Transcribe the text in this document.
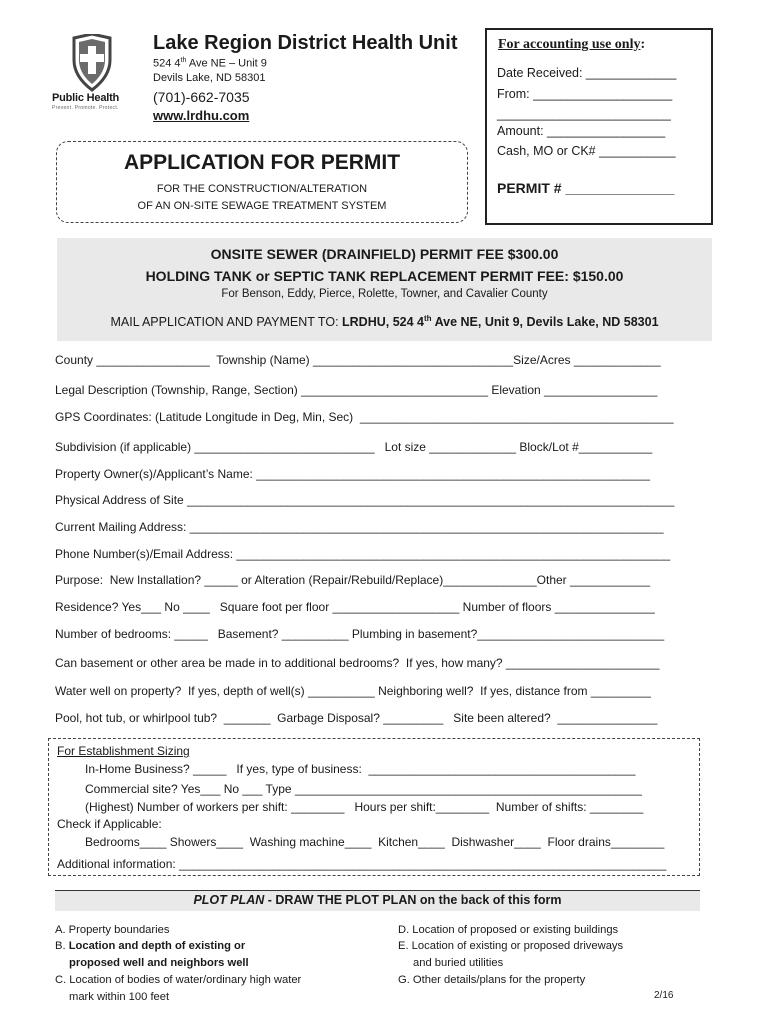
Public Health
Prevent. Promote. Protect.
Lake Region District Health Unit
524 4th Ave NE – Unit 9
Devils Lake, ND 58301
(701)-662-7035
www.lrdhu.com
For accounting use only:
Date Received: _____________
From: ____________________
_________________________
Amount: _________________
Cash, MO or CK# ___________
PERMIT # ______________
APPLICATION FOR PERMIT
FOR THE CONSTRUCTION/ALTERATION
OF AN ON-SITE SEWAGE TREATMENT SYSTEM
ONSITE SEWER (DRAINFIELD) PERMIT FEE $300.00
HOLDING TANK or SEPTIC TANK REPLACEMENT PERMIT FEE: $150.00
For Benson, Eddy, Pierce, Rolette, Towner, and Cavalier County
MAIL APPLICATION AND PAYMENT TO: LRDHU, 524 4th Ave NE, Unit 9, Devils Lake, ND 58301
County _________________  Township (Name) ______________________________Size/Acres _____________
Legal Description (Township, Range, Section) ____________________________ Elevation _________________
GPS Coordinates: (Latitude Longitude in Deg, Min, Sec)  _______________________________________________
Subdivision (if applicable) ___________________________   Lot size _____________ Block/Lot #___________
Property Owner(s)/Applicant’s Name: ___________________________________________________________
Physical Address of Site _________________________________________________________________________
Current Mailing Address: _______________________________________________________________________
Phone Number(s)/Email Address: _________________________________________________________________
Purpose:  New Installation? _____ or Alteration (Repair/Rebuild/Replace)______________Other ____________
Residence? Yes___ No ____   Square foot per floor ___________________ Number of floors _______________
Number of bedrooms: _____   Basement? __________ Plumbing in basement?____________________________
Can basement or other area be made in to additional bedrooms?  If yes, how many? _______________________
Water well on property?  If yes, depth of well(s) __________ Neighboring well?  If yes, distance from _________
Pool, hot tub, or whirlpool tub?  _______  Garbage Disposal? _________   Site been altered?  _______________
For Establishment Sizing
In-Home Business? _____   If yes, type of business:  ________________________________________
Commercial site? Yes___ No ___ Type ____________________________________________________
(Highest) Number of workers per shift: ________   Hours per shift:________  Number of shifts: ________
Check if Applicable:
Bedrooms____ Showers____  Washing machine____  Kitchen____  Dishwasher____  Floor drains________
Additional information: _________________________________________________________________________
PLOT PLAN - DRAW THE PLOT PLAN on the back of this form
A. Property boundaries
B. Location and depth of existing or
proposed well and neighbors well
C. Location of bodies of water/ordinary high water
mark within 100 feet
D. Location of proposed or existing buildings
E. Location of existing or proposed driveways
and buried utilities
G. Other details/plans for the property
2/16
